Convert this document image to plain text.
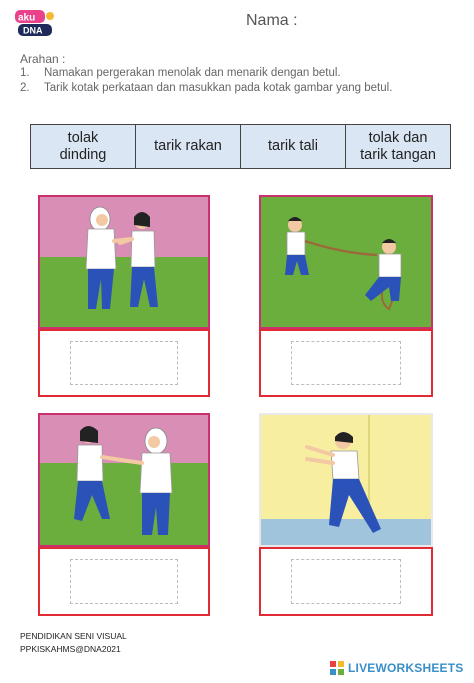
aku
DNA
Nama :
Arahan :
1. Namakan pergerakan menolak dan menarik dengan betul.
2. Tarik kotak perkataan dan masukkan pada kotak gambar yang betul.
tolak
dinding
tarik rakan	tarik tali
tolak dan
tarik tangan
PENDIDIKAN SENI VISUAL
PPKISKAHMS@DNA2021
LIVEWORKSHEETS
